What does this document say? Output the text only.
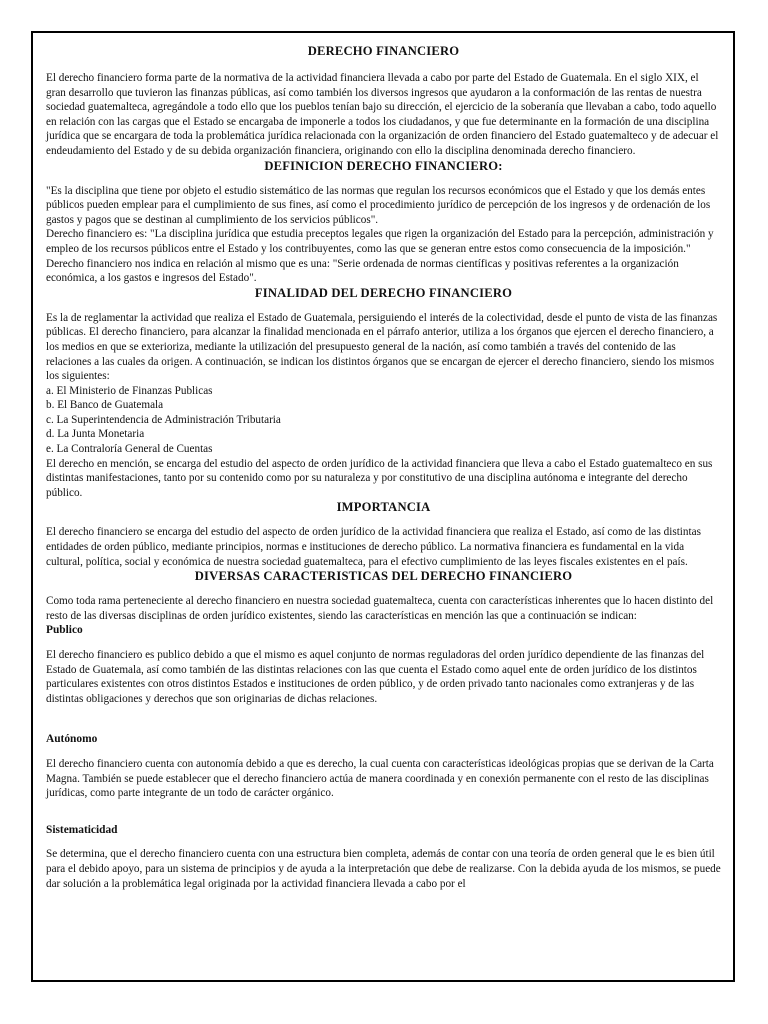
DERECHO FINANCIERO

El derecho financiero forma parte de la normativa de la actividad financiera llevada a cabo por parte del Estado de Guatemala. En el siglo XIX, el gran desarrollo que tuvieron las finanzas públicas, así como también los diversos ingresos que ayudaron a la conformación de las rentas de nuestra sociedad guatemalteca, agregándole a todo ello que los pueblos tenían bajo su dirección, el ejercicio de la soberanía que llevaban a cabo, todo aquello en relación con las cargas que el Estado se encargaba de imponerle a todos los ciudadanos, y que fue determinante en la formación de una disciplina jurídica que se encargara de toda la problemática jurídica relacionada con la organización de orden financiero del Estado guatemalteco y de adecuar el endeudamiento del Estado y de su debida organización financiera, originando con ello la disciplina denominada derecho financiero.

DEFINICION DERECHO FINANCIERO:

"Es la disciplina que tiene por objeto el estudio sistemático de las normas que regulan los recursos económicos que el Estado y que los demás entes públicos pueden emplear para el cumplimiento de sus fines, así como el procedimiento jurídico de percepción de los ingresos y de ordenación de los gastos y pagos que se destinan al cumplimiento de los servicios públicos".

Derecho financiero es: "La disciplina jurídica que estudia preceptos legales que rigen la organización del Estado para la percepción, administración y empleo de los recursos públicos entre el Estado y los contribuyentes, como las que se generan entre estos como consecuencia de la imposición."

Derecho financiero nos indica en relación al mismo que es una: "Serie ordenada de normas científicas y positivas referentes a la organización económica, a los gastos e ingresos del Estado".

FINALIDAD DEL DERECHO FINANCIERO

Es la de reglamentar la actividad que realiza el Estado de Guatemala, persiguiendo el interés de la colectividad, desde el punto de vista de las finanzas públicas. El derecho financiero, para alcanzar la finalidad mencionada en el párrafo anterior, utiliza a los órganos que ejercen el derecho financiero, a los medios en que se exterioriza, mediante la utilización del presupuesto general de la nación, así como también a través del contenido de las relaciones a las cuales da origen. A continuación, se indican los distintos órganos que se encargan de ejercer el derecho financiero, siendo los mismos los siguientes:

a. El Ministerio de Finanzas Publicas

b. El Banco de Guatemala

c. La Superintendencia de Administración Tributaria

d. La Junta Monetaria

e. La Contraloría General de Cuentas

El derecho en mención, se encarga del estudio del aspecto de orden jurídico de la actividad financiera que lleva a cabo el Estado guatemalteco en sus distintas manifestaciones, tanto por su contenido como por su naturaleza y por constitutivo de una disciplina autónoma e integrante del derecho público.

IMPORTANCIA

El derecho financiero se encarga del estudio del aspecto de orden jurídico de la actividad financiera que realiza el Estado, así como de las distintas entidades de orden público, mediante principios, normas e instituciones de derecho público. La normativa financiera es fundamental en la vida cultural, política, social y económica de nuestra sociedad guatemalteca, para el efectivo cumplimiento de las leyes fiscales existentes en el país.

DIVERSAS CARACTERISTICAS DEL DERECHO FINANCIERO

Como toda rama perteneciente al derecho financiero en nuestra sociedad guatemalteca, cuenta con características inherentes que lo hacen distinto del resto de las diversas disciplinas de orden jurídico existentes, siendo las características en mención las que a continuación se indican:

Publico

El derecho financiero es publico debido a que el mismo es aquel conjunto de normas reguladoras del orden jurídico dependiente de las finanzas del Estado de Guatemala, así como también de las distintas relaciones con las que cuenta el Estado como aquel ente de orden jurídico de los distintos particulares existentes con otros distintos Estados e instituciones de orden público, y de orden privado tanto nacionales como extranjeras y de las distintas obligaciones y derechos que son originarias de dichas relaciones.

Autónomo

El derecho financiero cuenta con autonomía debido a que es derecho, la cual cuenta con características ideológicas propias que se derivan de la Carta Magna. También se puede establecer que el derecho financiero actúa de manera coordinada y en conexión permanente con el resto de las disciplinas jurídicas, como parte integrante de un todo de carácter orgánico.

Sistematicidad

Se determina, que el derecho financiero cuenta con una estructura bien completa, además de contar con una teoría de orden general que le es bien útil para el debido apoyo, para un sistema de principios y de ayuda a la interpretación que debe de realizarse. Con la debida ayuda de los mismos, se puede dar solución a la problemática legal originada por la actividad financiera llevada a cabo por el
